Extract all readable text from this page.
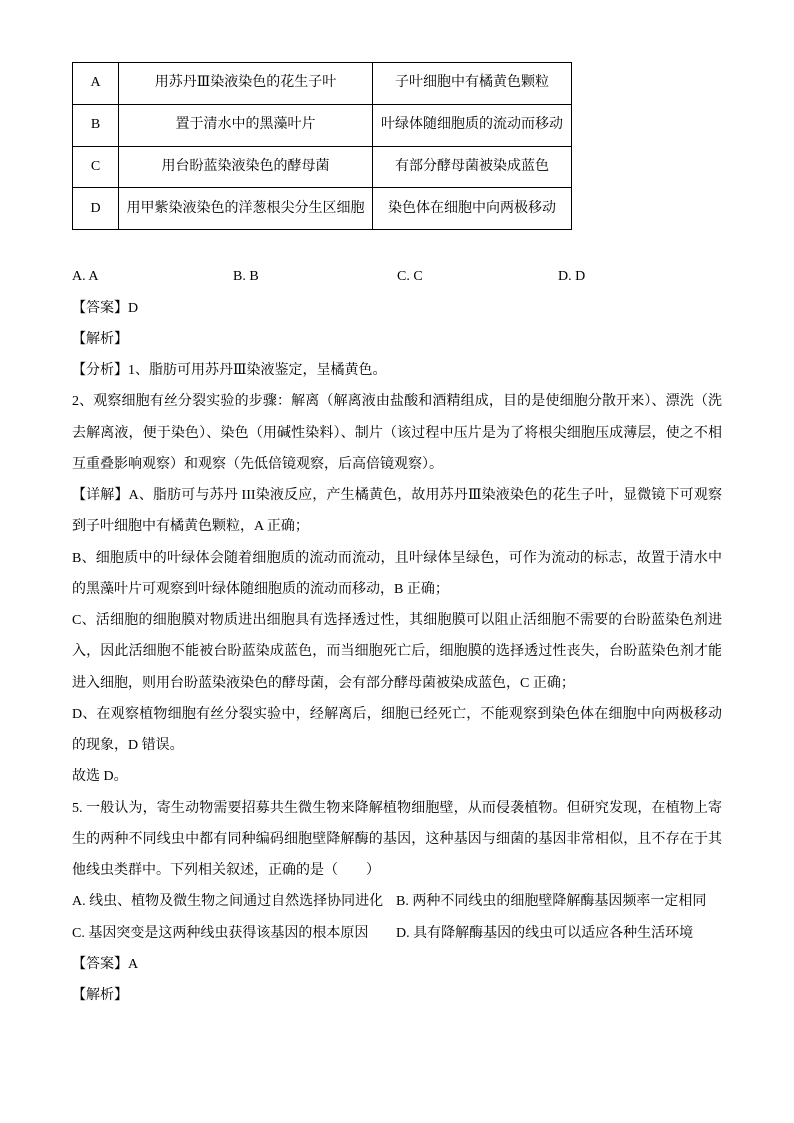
A	用苏丹Ⅲ染液染色的花生子叶	子叶细胞中有橘黄色颗粒
B	置于清水中的黑藻叶片	叶绿体随细胞质的流动而移动
C	用台盼蓝染液染色的酵母菌	有部分酵母菌被染成蓝色
D	用甲紫染液染色的洋葱根尖分生区细胞	染色体在细胞中向两极移动
A. A	B. B	C. C	D. D
【答案】D
【解析】
【分析】1、脂肪可用苏丹Ⅲ染液鉴定，呈橘黄色。
2、观察细胞有丝分裂实验的步骤：解离（解离液由盐酸和酒精组成，目的是使细胞分散开来）、漂洗（洗
去解离液，便于染色）、染色（用碱性染料）、制片（该过程中压片是为了将根尖细胞压成薄层，使之不相
互重叠影响观察）和观察（先低倍镜观察，后高倍镜观察）。
【详解】A、脂肪可与苏丹 III染液反应，产生橘黄色，故用苏丹Ⅲ染液染色的花生子叶，显微镜下可观察
到子叶细胞中有橘黄色颗粒，A 正确；
B、细胞质中的叶绿体会随着细胞质的流动而流动，且叶绿体呈绿色，可作为流动的标志，故置于清水中
的黑藻叶片可观察到叶绿体随细胞质的流动而移动，B 正确；
C、活细胞的细胞膜对物质进出细胞具有选择透过性，其细胞膜可以阻止活细胞不需要的台盼蓝染色剂进
入，因此活细胞不能被台盼蓝染成蓝色，而当细胞死亡后，细胞膜的选择透过性丧失，台盼蓝染色剂才能
进入细胞，则用台盼蓝染液染色的酵母菌，会有部分酵母菌被染成蓝色，C 正确；
D、在观察植物细胞有丝分裂实验中，经解离后，细胞已经死亡，不能观察到染色体在细胞中向两极移动
的现象，D 错误。
故选 D。
5. 一般认为，寄生动物需要招募共生微生物来降解植物细胞壁，从而侵袭植物。但研究发现，在植物上寄
生的两种不同线虫中都有同种编码细胞壁降解酶的基因，这种基因与细菌的基因非常相似，且不存在于其
他线虫类群中。下列相关叙述，正确的是（　　）
A. 线虫、植物及微生物之间通过自然选择协同进化 B. 两种不同线虫的细胞壁降解酶基因频率一定相同
C. 基因突变是这两种线虫获得该基因的根本原因 D. 具有降解酶基因的线虫可以适应各种生活环境
【答案】A
【解析】
